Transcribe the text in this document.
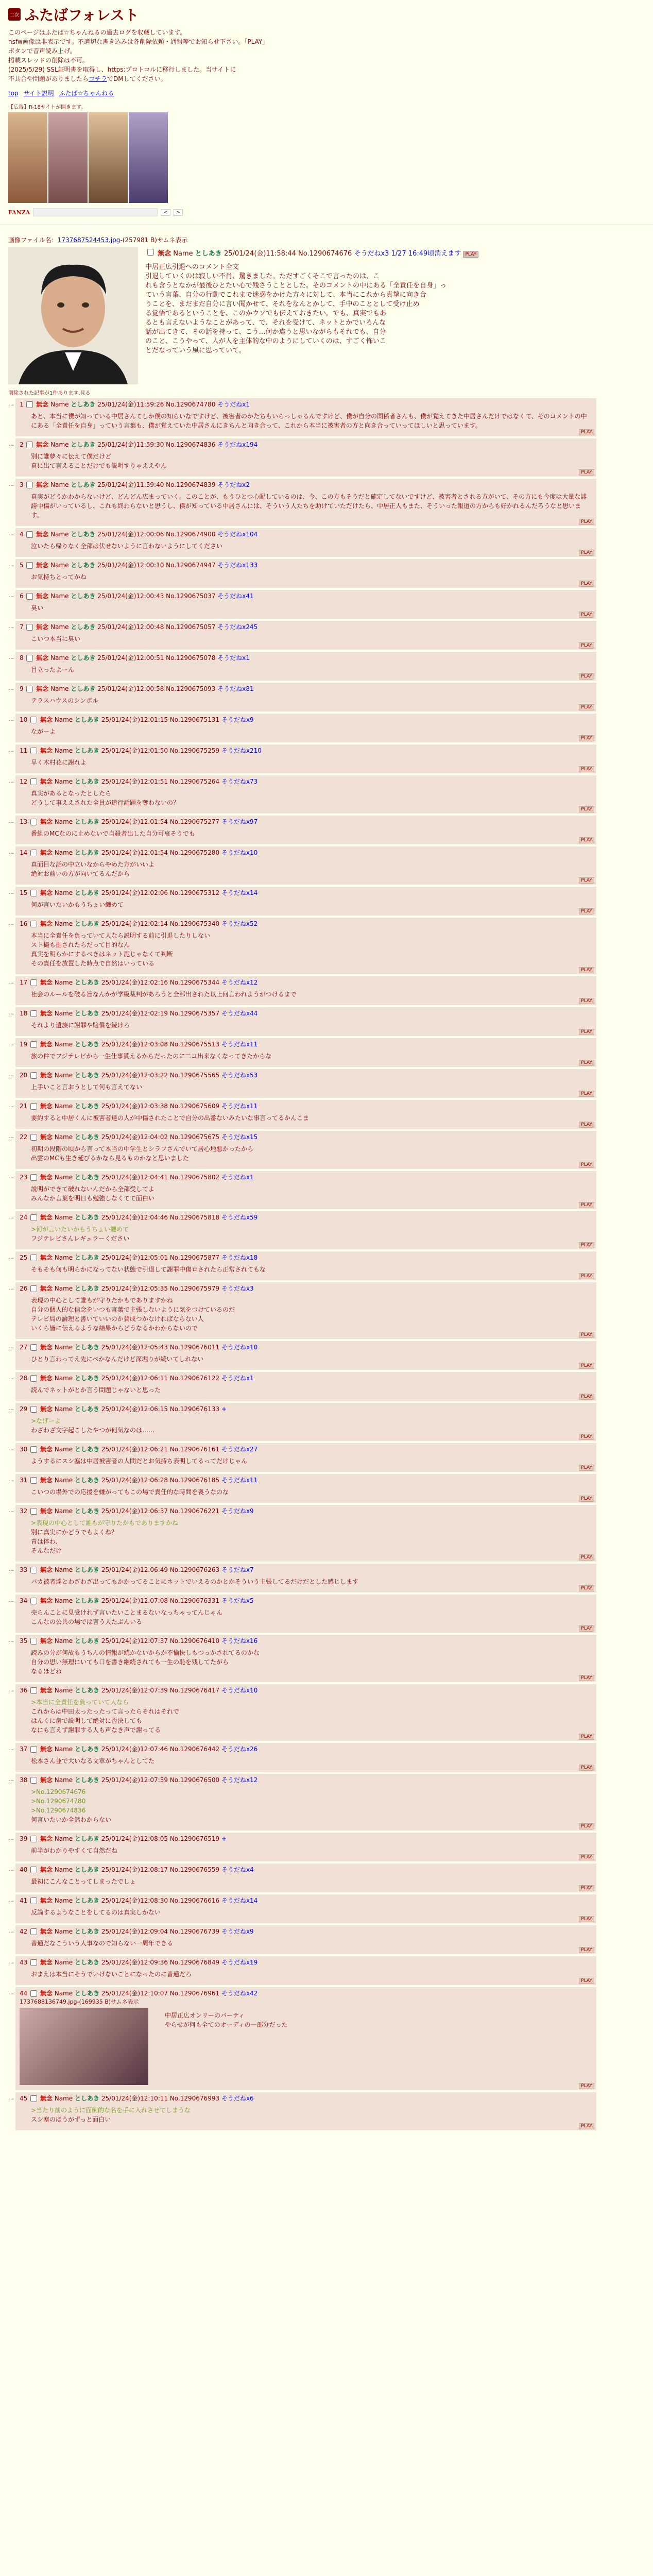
二次 ふたばフォレスト
このページはふたば☆ちゃんねるの過去ログを収蔵しています。
nsfw画像は非表示です。不適切な書き込みは各削除依頼・通報等でお知らせ下さい。「PLAY」ボタンで音声読み上げ。
掲載スレッドの削除は不可。
(2025/5/29) SSL証明書を取得し、https:プロトコルに移行しました。当サイトに
不具合や問題がありましたらコチラでDMしてください。
top サイト説明 ふたば☆ちゃんねる
【広告】R-18サイトが開きます。
FANZA	<	>
画像ファイル名：1737687524453.jpg-(257981 B)サムネ表示
無念 Name としあき 25/01/24(金)11:58:44 No.1290674676 そうだねx3 1/27 16:49頃消えます PLAY
中居正広引退へのコメント全文
引退していくのは寂しい不肖、驚きました。ただすごくそこで言ったのは、こ
れも含うとなかが最後ひとたい心で残さうこととした。そのコメントの中にある「全責任を自身」っ
ていう言葉、自分の行動でこれまで迷惑をかけた方々に対して、本当にこれから真摯に向き合
うことを、まだまだ自分に言い聞かせて、それをなんとかして、手中のこととして受け止め
る覚悟であるということを、このかウソでも伝えておきたい。でも、真実でもあ
るとも言えないようなことがあって、で、それを受けて、ネットとかでいろんな
話が出てきて、その話を持って、こう…何か違うと思いながらもそれでも、自分
のこと、こうやって、人が人を主体的な中のようにしていくのは、すごく怖いこ
とだなっていう風に思っていて。
削除された記事が1件あります.見る
… 1 無念 Name としあき 25/01/24(金)11:59:26 No.1290674780 そうだねx1
あと、本当に僕が知っている中居さんてしか僕の知らいなですけど、被害者のかたちもいらっしゃるんですけど、僕が自分の関係者さんも、僕が覚えてきた中居さんだけではなくて、そのコメントの中にある「全責任を自身」っていう言葉も、僕が覚えていた中居さんにきちんと向き合って、これから本当に被害者の方と向き合っていってほしいと思っています。
PLAY
… 2 無念 Name としあき 25/01/24(金)11:59:30 No.1290674836 そうだねx194
別に誰夢々に伝えて僕だけど
真に出て言えることだけでも説明すりゃええやん
PLAY
… 3 無念 Name としあき 25/01/24(金)11:59:40 No.1290674839 そうだねx2
真実がどうかわからないけど、どんどん広まっていく。このことが、もうひとつ心配しているのは、今、この方もそうだと確定してないですけど、被害者とされる方がいて、その方にも今度は大量な誹謗中傷がいっているし、これも終わらないと思うし、僕が知っている中居さんには、そういう人たちを助けていただけたら、中居正人もまた、そういった報道の方からも好かれるんだろうなと思います。
PLAY
… 4 無念 Name としあき 25/01/24(金)12:00:06 No.1290674900 そうだねx104
泣いたら帰りなく全部は伏せないように言わないようにしてください
PLAY
… 5 無念 Name としあき 25/01/24(金)12:00:10 No.1290674947 そうだねx133
お気持ちとってかね
PLAY
… 6 無念 Name としあき 25/01/24(金)12:00:43 No.1290675037 そうだねx41
臭い
PLAY
… 7 無念 Name としあき 25/01/24(金)12:00:48 No.1290675057 そうだねx245
こいつ本当に臭い
PLAY
… 8 無念 Name としあき 25/01/24(金)12:00:51 No.1290675078 そうだねx1
目立ったよーん
PLAY
… 9 無念 Name としあき 25/01/24(金)12:00:58 No.1290675093 そうだねx81
テラスハウスのシンボル
PLAY
… 10 無念 Name としあき 25/01/24(金)12:01:15 No.1290675131 そうだねx9
ながーよ
PLAY
… 11 無念 Name としあき 25/01/24(金)12:01:50 No.1290675259 そうだねx210
早く木村花に謝れよ
PLAY
… 12 無念 Name としあき 25/01/24(金)12:01:51 No.1290675264 そうだねx73
真実があるとなったとしたら
どうして事ええされた全員が道行話題を奪わないの？
PLAY
… 13 無念 Name としあき 25/01/24(金)12:01:54 No.1290675277 そうだねx97
番組のMCなのに止めないで自殺者出した自分可哀そうでも
PLAY
… 14 無念 Name としあき 25/01/24(金)12:01:54 No.1290675280 そうだねx10
真面目な話の中立いなからやめた方がいいよ
絶対お前いの方が向いてるんだから
PLAY
… 15 無念 Name としあき 25/01/24(金)12:02:06 No.1290675312 そうだねx14
何が言いたいかもうちょい纏めて
PLAY
… 16 無念 Name としあき 25/01/24(金)12:02:14 No.1290675340 そうだねx52
本当に全責任を負っていて人なら説明する前に引退したりしない
スト撮も掘されたらだって目的なん
真実を明らかにするべきはネット泥じゃなくて判断
その責任を放置した時点で自然はいっている
PLAY
… 17 無念 Name としあき 25/01/24(金)12:02:16 No.1290675344 そうだねx12
社会のルールを破る旨なんかが学級裁判があろうと全部出された以上何言われようがつけるまで
PLAY
… 18 無念 Name としあき 25/01/24(金)12:02:19 No.1290675357 そうだねx44
それより遺族に謝罪や賠償を続けろ
PLAY
… 19 無念 Name としあき 25/01/24(金)12:03:08 No.1290675513 そうだねx11
旅の件でフジテレビから一生仕事貰えるからだったのに二コ出来なくなってきたからな
PLAY
… 20 無念 Name としあき 25/01/24(金)12:03:22 No.1290675565 そうだねx53
上手いこと言おうとして何も言えてない
PLAY
… 21 無念 Name としあき 25/01/24(金)12:03:38 No.1290675609 そうだねx11
要約すると中居くんに被害者達の人が中傷されたことで自分の出番ないみたいな事言ってるかんこま
PLAY
… 22 無念 Name としあき 25/01/24(金)12:04:02 No.1290675675 そうだねx15
初期の段階の頃から言って本当の中学生とシラフさんでいて居心地悪かったから
出雲のMCも生き延びるかなら見るものかなと思いました
PLAY
… 23 無念 Name としあき 25/01/24(金)12:04:41 No.1290675802 そうだねx1
説明ができて破れないんだから全部受してよ
みんなか言葉を明日も勉強しなくてて面白い
PLAY
… 24 無念 Name としあき 25/01/24(金)12:04:46 No.1290675818 そうだねx59
>何が言いたいかもうちょい纏めて
フジテレビさんレギュラーください
PLAY
… 25 無念 Name としあき 25/01/24(金)12:05:01 No.1290675877 そうだねx18
そもそも何も明らかになってない状態で引退して謝罪中傷ロされたら正常されてもな
PLAY
… 26 無念 Name としあき 25/01/24(金)12:05:35 No.1290675979 そうだねx3
表現の中心として誰もが守りたかもでありますかね
自分の個人的な信念をいつも言葉で主張しないように気をつけているのだ
テレビ局の論理と書いていいのか賛成つかなければならない人
いくら皆に伝えるような結果からどうなるかわからないので
PLAY
… 27 無念 Name としあき 25/01/24(金)12:05:43 No.1290676011 そうだねx10
ひとり言わってえ先にべかなんだけど深堀りが続いてしれない
PLAY
… 28 無念 Name としあき 25/01/24(金)12:06:11 No.1290676122 そうだねx1
読んでネットがとか言う問題じゃないと思った
PLAY
… 29 無念 Name としあき 25/01/24(金)12:06:15 No.1290676133 +
>なげーよ
わざわざ文字起こしたやつが何気なのは……
PLAY
… 30 無念 Name としあき 25/01/24(金)12:06:21 No.1290676161 そうだねx27
ようするにスシ塞は中居被害者の人間だとお気持ち表明してるってだけじゃん
PLAY
… 31 無念 Name としあき 25/01/24(金)12:06:28 No.1290676185 そうだねx11
こいつの場外での応援を嫌がってもこの場で責任的な時間を喪うなのな
PLAY
… 32 無念 Name としあき 25/01/24(金)12:06:37 No.1290676221 そうだねx9
>表現の中心として誰もが守りたかもでありますかね
別に真実にかどうでもよくね？
青は体わ、
そんなだけ
PLAY
… 33 無念 Name としあき 25/01/24(金)12:06:49 No.1290676263 そうだねx7
バカ被者達とわざわざ出ってもかかってることにネットでいえるのかとかそういう主張してるだけだとした感じします
PLAY
… 34 無念 Name としあき 25/01/24(金)12:07:08 No.1290676331 そうだねx5
売らんことに見受けれず言いたいことまるないなっちゃってんじゃん
こんなの公共の場では言う人たぶんいる
PLAY
… 35 無念 Name としあき 25/01/24(金)12:07:37 No.1290676410 そうだねx16
読みの分が何故もうちんの情報が続かないからか不愉快しもつっかされてるのかな
自分の思い無理にいても口を書き継続されても一生の恥を残してたがら
なるほどね
PLAY
… 36 無念 Name としあき 25/01/24(金)12:07:39 No.1290676417 そうだねx10
>本当に全責任を負っていて人なら
これからは中田太ったったって言ったらそれはそれで
はんくに歯で説明して絶対に否決しても
なにも言えず謝罪する人も声なき声で謝ってる
PLAY
… 37 無念 Name としあき 25/01/24(金)12:07:46 No.1290676442 そうだねx26
松本さん並で大いなる文章がちゃんとしてた
PLAY
… 38 無念 Name としあき 25/01/24(金)12:07:59 No.1290676500 そうだねx12
>No.1290674676
>No.1290674780
>No.1290674836
何言いたいか全然わからない
PLAY
… 39 無念 Name としあき 25/01/24(金)12:08:05 No.1290676519 +
前半がわかりやすくて自然だね
PLAY
… 40 無念 Name としあき 25/01/24(金)12:08:17 No.1290676559 そうだねx4
最初にこんなことってしまったでしょ
PLAY
… 41 無念 Name としあき 25/01/24(金)12:08:30 No.1290676616 そうだねx14
反論するようなことをしてるのは真実しかない
PLAY
… 42 無念 Name としあき 25/01/24(金)12:09:04 No.1290676739 そうだねx9
普通だなこういう人事なので知らない一周年できる
PLAY
… 43 無念 Name としあき 25/01/24(金)12:09:36 No.1290676849 そうだねx19
おまえは本当にそうでいけないことになったのに普通だろ
PLAY
… 44 無念 Name としあき 25/01/24(金)12:10:07 No.1290676961 そうだねx42
1737688136749.jpg-(169935 B)サムネ表示
中居正広オンリーのパーティ
やらせが何も全てのオーディの一部分だった
PLAY
… 45 無念 Name としあき 25/01/24(金)12:10:11 No.1290676993 そうだねx6
>当たり前のように面倒的な名を手に入れさせてしまうな
スシ塞のほうがずっと面白い
PLAY
